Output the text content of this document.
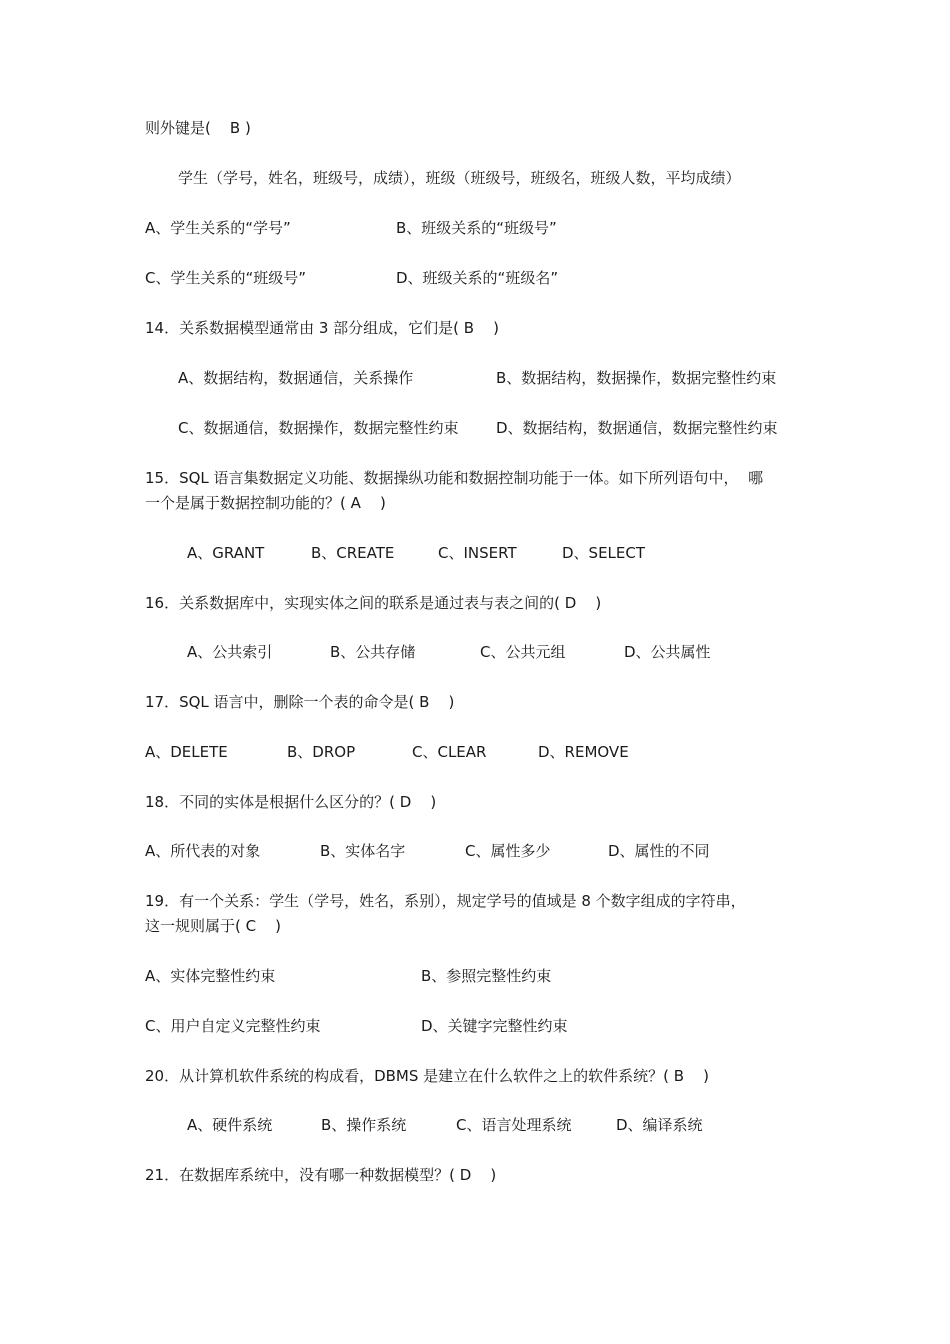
则外键是(    B )
学生（学号，姓名，班级号，成绩），班级（班级号，班级名，班级人数，平均成绩）
A、学生关系的“学号”	B、班级关系的“班级号”
C、学生关系的“班级号”	D、班级关系的“班级名”
14．关系数据模型通常由 3 部分组成，它们是( B    )
A、数据结构，数据通信，关系操作	B、数据结构，数据操作，数据完整性约束
C、数据通信，数据操作，数据完整性约束	D、数据结构，数据通信，数据完整性约束
15．SQL 语言集数据定义功能、数据操纵功能和数据控制功能于一体。如下所列语句中，  哪
一个是属于数据控制功能的？( A    )
A、GRANT	B、CREATE	C、INSERT	D、SELECT
16．关系数据库中，实现实体之间的联系是通过表与表之间的( D    )
A、公共索引	B、公共存储	C、公共元组	D、公共属性
17．SQL 语言中，删除一个表的命令是( B    )
A、DELETE	B、DROP	C、CLEAR	D、REMOVE
18．不同的实体是根据什么区分的？( D    )
A、所代表的对象	B、实体名字	C、属性多少	D、属性的不同
19．有一个关系：学生（学号，姓名，系别），规定学号的值域是 8 个数字组成的字符串，
这一规则属于( C    )
A、实体完整性约束	B、参照完整性约束
C、用户自定义完整性约束	D、关键字完整性约束
20．从计算机软件系统的构成看，DBMS 是建立在什么软件之上的软件系统？( B    )
A、硬件系统	B、操作系统	C、语言处理系统	D、编译系统
21．在数据库系统中，没有哪一种数据模型？( D    )
